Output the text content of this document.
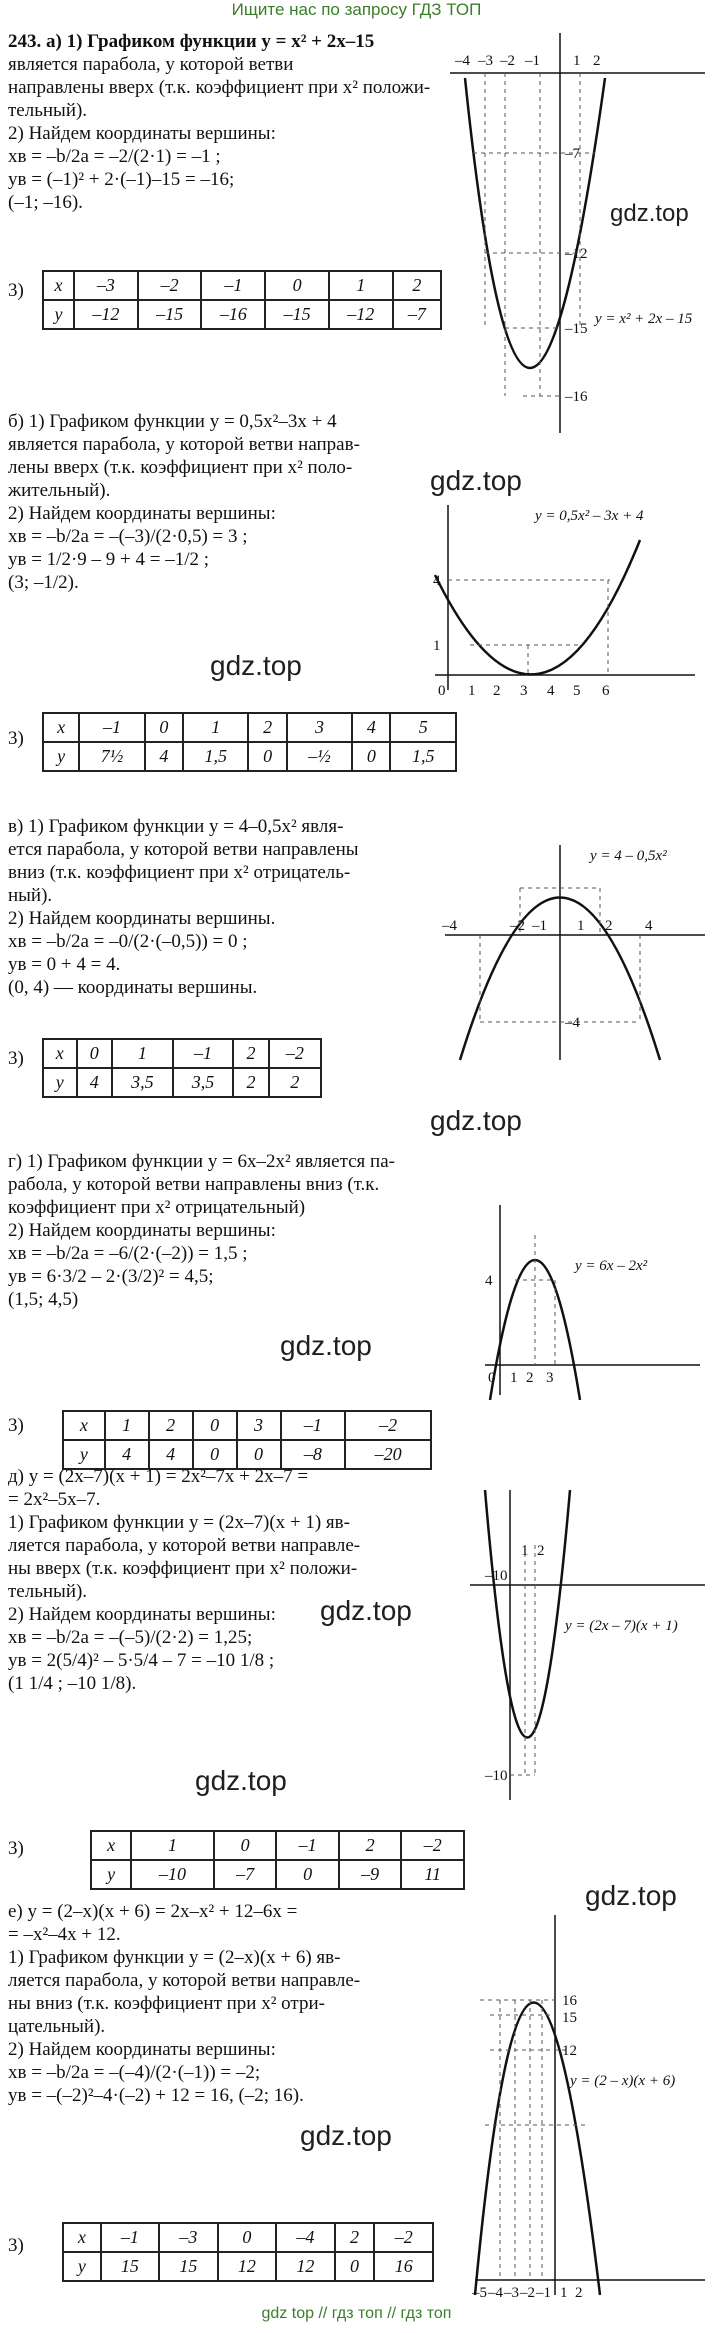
Ищите нас по запросу ГДЗ ТОП
243. а) 1) Графиком функции y = x² + 2x–15
является парабола, у которой ветви
направлены вверх (т.к. коэффициент при x² положи-
тельный).
2) Найдем координаты вершины:
xв = –b/2a = –2/(2·1) = –1 ;
yв = (–1)² + 2·(–1)–15 = –16;
(–1; –16).
3) x	–3	–2	–1	0	1	2
y	–12	–15	–16	–15	–12	–7
–4 –3 –2 –1 1 2
–7
–12
–15
–16
y = x² + 2x – 15
gdz.top
gdz.top
б) 1) Графиком функции y = 0,5x²–3x + 4
является парабола, у которой ветви направ-
лены вверх (т.к. коэффициент при x² поло-
жительный).
2) Найдем координаты вершины:
xв = –b/2a = –(–3)/(2·0,5) = 3 ;
yв = 1/2·9 – 9 + 4 = –1/2 ;
(3; –1/2).
gdz.top
3)
x	–1	0	1	2	3	4	5
y	7½	4	1,5	0	–½	0	1,5
0 1 2 3 4 5 6
4
1
y = 0,5x² – 3x + 4
в) 1) Графиком функции y = 4–0,5x² явля-
ется парабола, у которой ветви направлены
вниз (т.к. коэффициент при x² отрицатель-
ный).
2) Найдем координаты вершины.
xв = –b/2a = –0/(2·(–0,5)) = 0 ;
yв = 0 + 4 = 4.
(0, 4) — координаты вершины.
3) x	0	1	–1	2	–2
y	4	3,5	3,5	2	2
–4	–2 –1 1 2 4
–4
y = 4 – 0,5x²
gdz.top
г) 1) Графиком функции y = 6x–2x² является па-
раболa, у которой ветви направлены вниз (т.к.
коэффициент при x² отрицательный)
2) Найдем координаты вершины:
xв = –b/2a = –6/(2·(–2)) = 1,5 ;
yв = 6·3/2 – 2·(3/2)² = 4,5;
(1,5; 4,5)
gdz.top
3)	x	1	2	0	3	–1	–2
y	4	4	0	0	–8	–20
0 1 2 3
4
y = 6x – 2x²
д) y = (2x–7)(x + 1) = 2x²–7x + 2x–7 =
= 2x²–5x–7.
1) Графиком функции y = (2x–7)(x + 1) яв-
ляется парабола, у которой ветви направле-
ны вверх (т.к. коэффициент при x² положи-
тельный).
2) Найдем координаты вершины:
xв = –b/2a = –(–5)/(2·2) = 1,25;
yв = 2(5/4)² – 5·5/4 – 7 = –10 1/8 ;
(1 1/4 ; –10 1/8).
gdz.top
gdz.top
3)	x	1	0	–1	2	–2
y	–10	–7	0	–9	11
–1 0
1 2
–10
y = (2x – 7)(x + 1)
gdz.top
е) y = (2–x)(x + 6) = 2x–x² + 12–6x =
= –x²–4x + 12.
1) Графиком функции y = (2–x)(x + 6) яв-
ляется парабола, у которой ветви направле-
ны вниз (т.к. коэффициент при x² отри-
цательный).
2) Найдем координаты вершины:
xв = –b/2a = –(–4)/(2·(–1)) = –2;
yв = –(–2)²–4·(–2) + 12 = 16, (–2; 16).
gdz.top
3)	x	–1	–3	0	–4	2	–2
y	15	15	12	12	0	16
–5 –4 –3 –2 –1 1 2
16
15
12
y = (2 – x)(x + 6)
gdz top // гдз топ // гдз топ
